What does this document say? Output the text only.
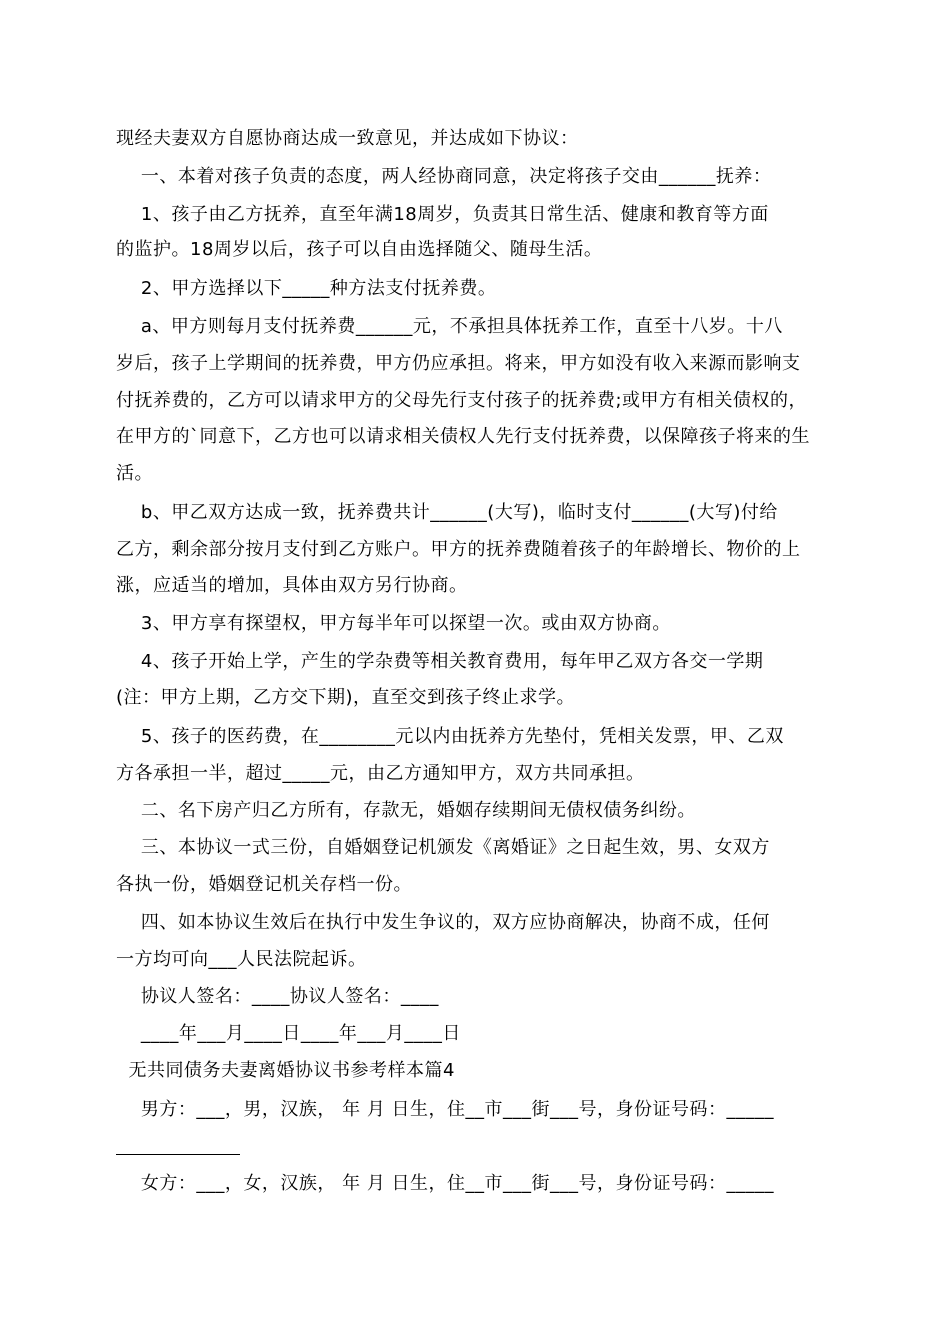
现经夫妻双方自愿协商达成一致意见，并达成如下协议：
一、本着对孩子负责的态度，两人经协商同意，决定将孩子交由______抚养：
1、孩子由乙方抚养，直至年满18周岁，负责其日常生活、健康和教育等方面
的监护。18周岁以后，孩子可以自由选择随父、随母生活。
2、甲方选择以下_____种方法支付抚养费。
a、甲方则每月支付抚养费______元，不承担具体抚养工作，直至十八岁。十八
岁后，孩子上学期间的抚养费，甲方仍应承担。将来，甲方如没有收入来源而影响支
付抚养费的，乙方可以请求甲方的父母先行支付孩子的抚养费;或甲方有相关债权的，
在甲方的`同意下，乙方也可以请求相关债权人先行支付抚养费，以保障孩子将来的生
活。
b、甲乙双方达成一致，抚养费共计______(大写)，临时支付______(大写)付给
乙方，剩余部分按月支付到乙方账户。甲方的抚养费随着孩子的年龄增长、物价的上
涨，应适当的增加，具体由双方另行协商。
3、甲方享有探望权，甲方每半年可以探望一次。或由双方协商。
4、孩子开始上学，产生的学杂费等相关教育费用，每年甲乙双方各交一学期
(注：甲方上期，乙方交下期)，直至交到孩子终止求学。
5、孩子的医药费，在________元以内由抚养方先垫付，凭相关发票，甲、乙双
方各承担一半，超过_____元，由乙方通知甲方，双方共同承担。
二、名下房产归乙方所有，存款无，婚姻存续期间无债权债务纠纷。
三、本协议一式三份，自婚姻登记机颁发《离婚证》之日起生效，男、女双方
各执一份，婚姻登记机关存档一份。
四、如本协议生效后在执行中发生争议的，双方应协商解决，协商不成，任何
一方均可向___人民法院起诉。
协议人签名：____协议人签名：____
____年___月____日____年___月____日
无共同债务夫妻离婚协议书参考样本篇4
男方：___，男，汉族， 年 月 日生，住__市___街___号，身份证号码：_____
女方：___，女，汉族， 年 月 日生，住__市___街___号，身份证号码：_____
